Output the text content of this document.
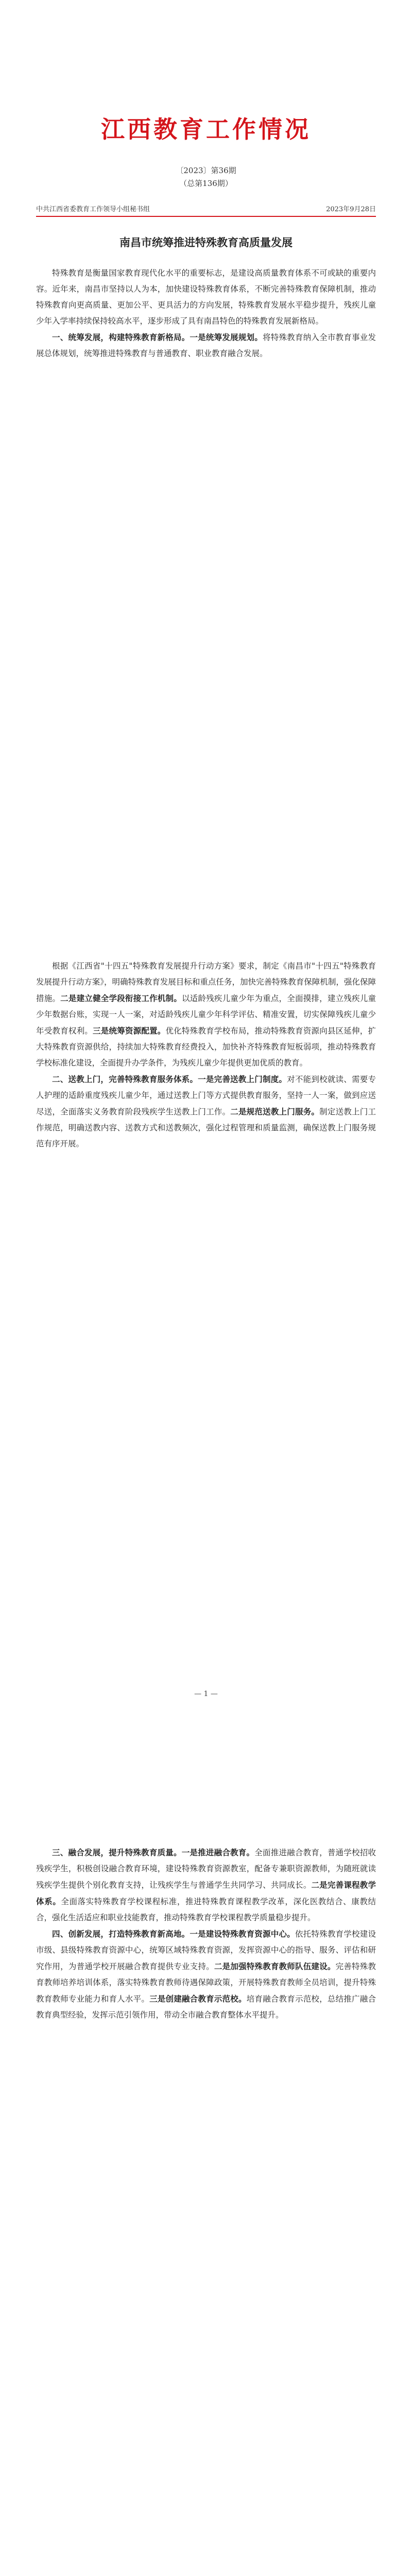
江西教育工作情况
〔2023〕第36期
（总第136期）
中共江西省委教育工作领导小组秘书组	2023年9月28日
南昌市统筹推进特殊教育高质量发展

特殊教育是衡量国家教育现代化水平的重要标志，是建设高质量教育体系不可或缺的重要内容。近年来，南昌市坚持以人为本，加快建设特殊教育体系，不断完善特殊教育保障机制，推动特殊教育向更高质量、更加公平、更具活力的方向发展，特殊教育发展水平稳步提升，残疾儿童少年入学率持续保持较高水平，逐步形成了具有南昌特色的特殊教育发展新格局。

一、统筹发展，构建特殊教育新格局。一是统筹发展规划。将特殊教育纳入全市教育事业发展总体规划，统筹推进特殊教育与普通教育、职业教育融合发展。

根据《江西省"十四五"特殊教育发展提升行动方案》要求，制定《南昌市"十四五"特殊教育发展提升行动方案》，明确特殊教育发展目标和重点任务，加快完善特殊教育保障机制，强化保障措施。二是建立健全学段衔接工作机制。以适龄残疾儿童少年为重点，全面摸排，建立残疾儿童少年数据台账，实现一人一案，对适龄残疾儿童少年科学评估、精准安置，切实保障残疾儿童少年受教育权利。三是统筹资源配置。优化特殊教育学校布局，推动特殊教育资源向县区延伸，扩大特殊教育资源供给，持续加大特殊教育经费投入，加快补齐特殊教育短板弱项，推动特殊教育学校标准化建设，全面提升办学条件，为残疾儿童少年提供更加优质的教育。

二、送教上门，完善特殊教育服务体系。一是完善送教上门制度。对不能到校就读、需要专人护理的适龄重度残疾儿童少年，通过送教上门等方式提供教育服务，坚持一人一案，做到应送尽送，全面落实义务教育阶段残疾学生送教上门工作。二是规范送教上门服务。制定送教上门工作规范，明确送教内容、送教方式和送教频次，强化过程管理和质量监测，确保送教上门服务规范有序开展。

— 1 —

三、融合发展，提升特殊教育质量。一是推进融合教育。全面推进融合教育，普通学校招收残疾学生，积极创设融合教育环境，建设特殊教育资源教室，配备专兼职资源教师，为随班就读残疾学生提供个别化教育支持，让残疾学生与普通学生共同学习、共同成长。二是完善课程教学体系。全面落实特殊教育学校课程标准，推进特殊教育课程教学改革，深化医教结合、康教结合，强化生活适应和职业技能教育，推动特殊教育学校课程教学质量稳步提升。

四、创新发展，打造特殊教育新高地。一是建设特殊教育资源中心。依托特殊教育学校建设市级、县级特殊教育资源中心，统筹区域特殊教育资源，发挥资源中心的指导、服务、评估和研究作用，为普通学校开展融合教育提供专业支持。二是加强特殊教育教师队伍建设。完善特殊教育教师培养培训体系，落实特殊教育教师待遇保障政策，开展特殊教育教师全员培训，提升特殊教育教师专业能力和育人水平。三是创建融合教育示范校。培育融合教育示范校，总结推广融合教育典型经验，发挥示范引领作用，带动全市融合教育整体水平提升。
